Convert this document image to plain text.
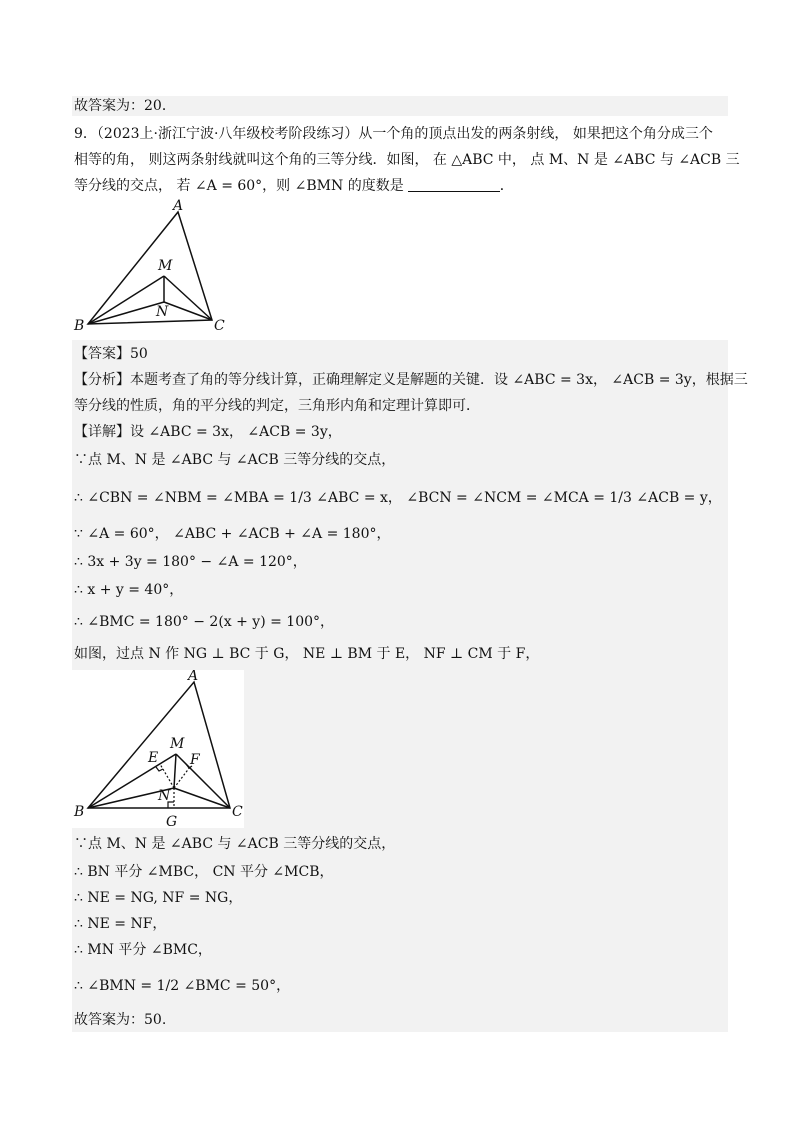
故答案为：20．
9．（2023上·浙江宁波·八年级校考阶段练习）从一个角的顶点出发的两条射线， 如果把这个角分成三个
相等的角， 则这两条射线就叫这个角的三等分线．如图， 在 △ABC 中， 点 M、N 是 ∠ABC 与 ∠ACB 三
等分线的交点， 若 ∠A = 60°，则 ∠BMN 的度数是	．
A
M
N
B	C
【答案】50
【分析】本题考查了角的等分线计算，正确理解定义是解题的关键．设 ∠ABC = 3x， ∠ACB = 3y，根据三
等分线的性质，角的平分线的判定，三角形内角和定理计算即可．
【详解】设 ∠ABC = 3x， ∠ACB = 3y，
∵点 M、N 是 ∠ABC 与 ∠ACB 三等分线的交点，
∴ ∠CBN = ∠NBM = ∠MBA = 1/3 ∠ABC = x， ∠BCN = ∠NCM = ∠MCA = 1/3 ∠ACB = y，
∵ ∠A = 60°， ∠ABC + ∠ACB + ∠A = 180°，
∴ 3x + 3y = 180° − ∠A = 120°，
∴ x + y = 40°，
∴ ∠BMC = 180° − 2(x + y) = 100°，
如图，过点 N 作 NG ⊥ BC 于 G， NE ⊥ BM 于 E， NF ⊥ CM 于 F，
A
M
E F
N
B	C
G
∵点 M、N 是 ∠ABC 与 ∠ACB 三等分线的交点，
∴ BN 平分 ∠MBC， CN 平分 ∠MCB，
∴ NE = NG, NF = NG，
∴ NE = NF，
∴ MN 平分 ∠BMC，
∴ ∠BMN = 1/2 ∠BMC = 50°，
故答案为：50.
